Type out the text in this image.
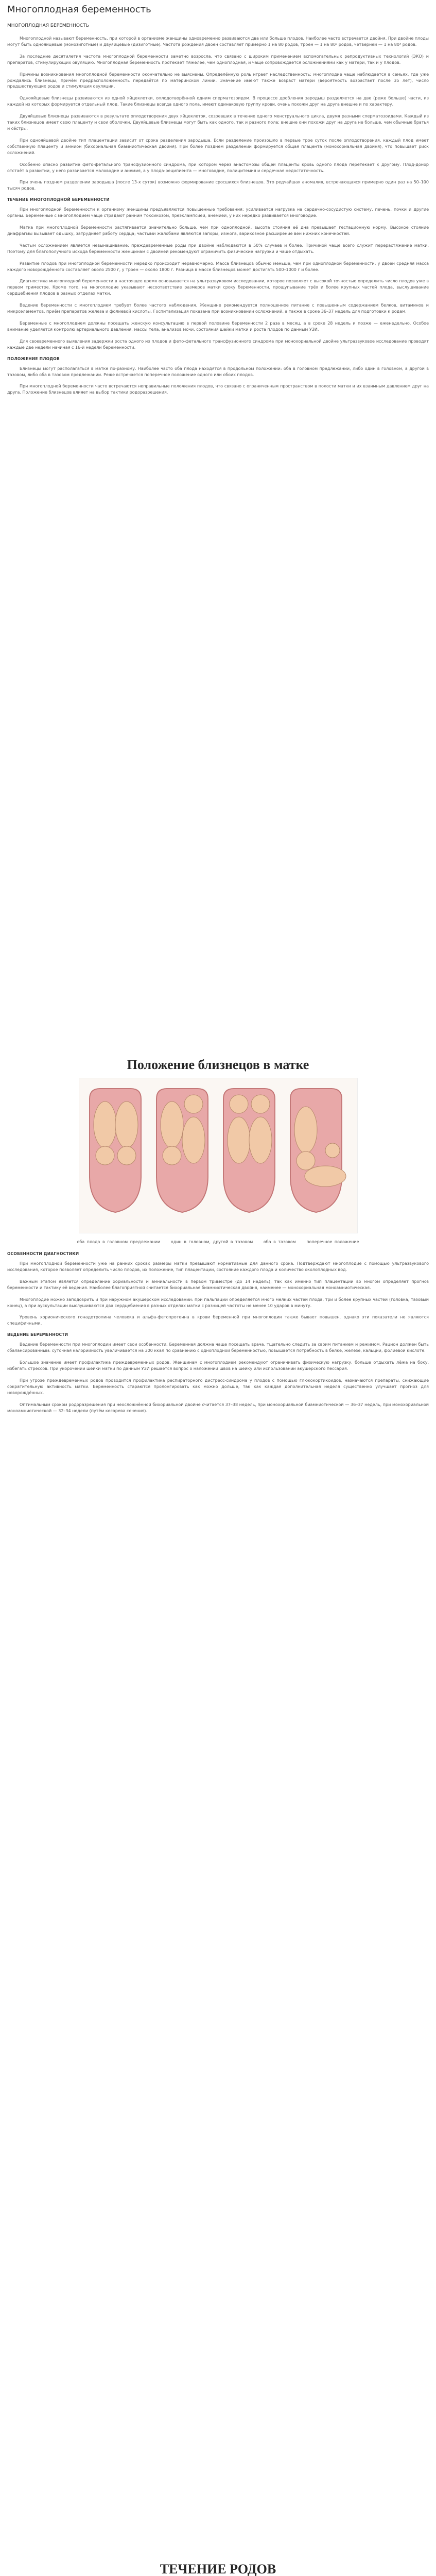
Многоплодная беременность
МНОГОПЛОДНАЯ БЕРЕМЕННОСТЬ

Многоплодной называют беременность, при которой в организме женщины одновременно развиваются два или больше плодов. Наиболее часто встречается двойня. При двойне плоды могут быть однояйцевые (монозиготные) и двуяйцевые (дизиготные). Частота рождения двоен составляет примерно 1 на 80 родов, троен — 1 на 80² родов, четверней — 1 на 80³ родов.

За последние десятилетия частота многоплодной беременности заметно возросла, что связано с широким применением вспомогательных репродуктивных технологий (ЭКО) и препаратов, стимулирующих овуляцию. Многоплодная беременность протекает тяжелее, чем одноплодная, и чаще сопровождается осложнениями как у матери, так и у плодов.

Причины возникновения многоплодной беременности окончательно не выяснены. Определённую роль играет наследственность: многоплодие чаще наблюдается в семьях, где уже рождались близнецы, причём предрасположенность передаётся по материнской линии. Значение имеют также возраст матери (вероятность возрастает после 35 лет), число предшествующих родов и стимуляция овуляции.

Однояйцевые близнецы развиваются из одной яйцеклетки, оплодотворённой одним сперматозоидом. В процессе дробления зародыш разделяется на две (реже больше) части, из каждой из которых формируется отдельный плод. Такие близнецы всегда одного пола, имеют одинаковую группу крови, очень похожи друг на друга внешне и по характеру.

Двуяйцевые близнецы развиваются в результате оплодотворения двух яйцеклеток, созревших в течение одного менструального цикла, двумя разными сперматозоидами. Каждый из таких близнецов имеет свою плаценту и свои оболочки. Двуяйцевые близнецы могут быть как одного, так и разного пола; внешне они похожи друг на друга не больше, чем обычные братья и сёстры.

При однояйцевой двойне тип плацентации зависит от срока разделения зародыша. Если разделение произошло в первые трое суток после оплодотворения, каждый плод имеет собственную плаценту и амнион (бихориальная биамниотическая двойня). При более позднем разделении формируется общая плацента (монохориальная двойня), что повышает риск осложнений.

Особенно опасно развитие фето-фетального трансфузионного синдрома, при котором через анастомозы общей плаценты кровь одного плода перетекает к другому. Плод-донор отстаёт в развитии, у него развивается маловодие и анемия, а у плода-реципиента — многоводие, полицитемия и сердечная недостаточность.

При очень позднем разделении зародыша (после 13-х суток) возможно формирование сросшихся близнецов. Это редчайшая аномалия, встречающаяся примерно один раз на 50–100 тысяч родов.

ТЕЧЕНИЕ МНОГОПЛОДНОЙ БЕРЕМЕННОСТИ

При многоплодной беременности к организму женщины предъявляются повышенные требования: усиливается нагрузка на сердечно-сосудистую систему, печень, почки и другие органы. Беременные с многоплодием чаще страдают ранним токсикозом, преэклампсией, анемией, у них нередко развивается многоводие.

Матка при многоплодной беременности растягивается значительно больше, чем при одноплодной, высота стояния её дна превышает гестационную норму. Высокое стояние диафрагмы вызывает одышку, затрудняет работу сердца; частыми жалобами являются запоры, изжога, варикозное расширение вен нижних конечностей.

Частым осложнением является невынашивание: преждевременные роды при двойне наблюдаются в 50% случаев и более. Причиной чаще всего служит перерастяжение матки. Поэтому для благополучного исхода беременности женщинам с двойней рекомендуют ограничить физические нагрузки и чаще отдыхать.

Развитие плодов при многоплодной беременности нередко происходит неравномерно. Масса близнецов обычно меньше, чем при одноплодной беременности: у двоен средняя масса каждого новорождённого составляет около 2500 г, у троен — около 1800 г. Разница в массе близнецов может достигать 500–1000 г и более.

Диагностика многоплодной беременности в настоящее время основывается на ультразвуковом исследовании, которое позволяет с высокой точностью определить число плодов уже в первом триместре. Кроме того, на многоплодие указывают несоответствие размеров матки сроку беременности, прощупывание трёх и более крупных частей плода, выслушивание сердцебиения плодов в разных отделах матки.

Ведение беременности с многоплодием требует более частого наблюдения. Женщине рекомендуется полноценное питание с повышенным содержанием белков, витаминов и микроэлементов, приём препаратов железа и фолиевой кислоты. Госпитализация показана при возникновении осложнений, а также в сроке 36–37 недель для подготовки к родам.

Беременные с многоплодием должны посещать женскую консультацию в первой половине беременности 2 раза в месяц, а в сроке 28 недель и позже — еженедельно. Особое внимание уделяется контролю артериального давления, массы тела, анализов мочи, состояния шейки матки и роста плодов по данным УЗИ.

Для своевременного выявления задержки роста одного из плодов и фето-фетального трансфузионного синдрома при монохориальной двойне ультразвуковое исследование проводят каждые две недели начиная с 16-й недели беременности.

ПОЛОЖЕНИЕ ПЛОДОВ

Близнецы могут располагаться в матке по-разному. Наиболее часто оба плода находятся в продольном положении: оба в головном предлежании, либо один в головном, а другой в тазовом, либо оба в тазовом предлежании. Реже встречается поперечное положение одного или обоих плодов.

При многоплодной беременности часто встречаются неправильные положения плодов, что связано с ограниченным пространством в полости матки и их взаимным давлением друг на друга. Положение близнецов влияет на выбор тактики родоразрешения.

Положение близнецов в матке
оба плода в головном предлежании	один в головном, другой в тазовом	оба в тазовом	поперечное положение
ОСОБЕННОСТИ ДИАГНОСТИКИ

При многоплодной беременности уже на ранних сроках размеры матки превышают нормативные для данного срока. Подтверждают многоплодие с помощью ультразвукового исследования, которое позволяет определить число плодов, их положение, тип плацентации, состояние каждого плода и количество околоплодных вод.

Важным этапом является определение хориальности и амниальности в первом триместре (до 14 недель), так как именно тип плацентации во многом определяет прогноз беременности и тактику её ведения. Наиболее благоприятной считается бихориальная биамниотическая двойня, наименее — монохориальная моноамниотическая.

Многоплодие можно заподозрить и при наружном акушерском исследовании: при пальпации определяется много мелких частей плода, три и более крупных частей (головка, тазовый конец), а при аускультации выслушиваются два сердцебиения в разных отделах матки с разницей частоты не менее 10 ударов в минуту.

Уровень хорионического гонадотропина человека и альфа-фетопротеина в крови беременной при многоплодии также бывает повышен, однако эти показатели не являются специфичными.

ВЕДЕНИЕ БЕРЕМЕННОСТИ

Ведение беременности при многоплодии имеет свои особенности. Беременная должна чаще посещать врача, тщательно следить за своим питанием и режимом. Рацион должен быть сбалансированным: суточная калорийность увеличивается на 300 ккал по сравнению с одноплодной беременностью, повышается потребность в белке, железе, кальции, фолиевой кислоте.

Большое значение имеет профилактика преждевременных родов. Женщинам с многоплодием рекомендуют ограничивать физическую нагрузку, больше отдыхать лёжа на боку, избегать стрессов. При укорочении шейки матки по данным УЗИ решается вопрос о наложении швов на шейку или использовании акушерского пессария.

При угрозе преждевременных родов проводится профилактика респираторного дистресс-синдрома у плодов с помощью глюкокортикоидов, назначаются препараты, снижающие сократительную активность матки. Беременность стараются пролонгировать как можно дольше, так как каждая дополнительная неделя существенно улучшает прогноз для новорождённых.

Оптимальным сроком родоразрешения при неосложнённой бихориальной двойне считается 37–38 недель, при монохориальной биамниотической — 36–37 недель, при монохориальной моноамниотической — 32–34 недели (путём кесарева сечения).

ТЕЧЕНИЕ РОДОВ
